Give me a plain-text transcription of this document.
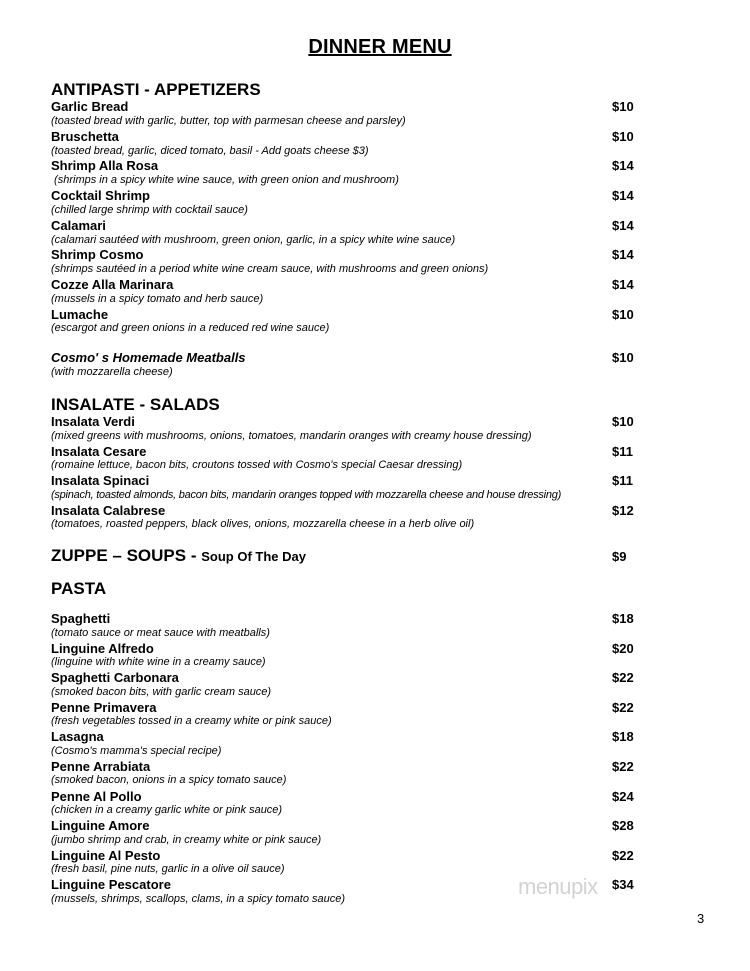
DINNER MENU
ANTIPASTI - APPETIZERS
Garlic Bread	$10
(toasted bread with garlic, butter, top with parmesan cheese and parsley)
Bruschetta	$10
(toasted bread, garlic, diced tomato, basil - Add goats cheese $3)
Shrimp Alla Rosa	$14
(shrimps in a spicy white wine sauce, with green onion and mushroom)
Cocktail Shrimp	$14
(chilled large shrimp with cocktail sauce)
Calamari	$14
(calamari sautéed with mushroom, green onion, garlic, in a spicy white wine sauce)
Shrimp Cosmo	$14
(shrimps sautéed in a period white wine cream sauce, with mushrooms and green onions)
Cozze Alla Marinara	$14
(mussels in a spicy tomato and herb sauce)
Lumache	$10
(escargot and green onions in a reduced red wine sauce)
Cosmo' s Homemade Meatballs	$10
(with mozzarella cheese)
INSALATE - SALADS
Insalata Verdi	$10
(mixed greens with mushrooms, onions, tomatoes, mandarin oranges with creamy house dressing)
Insalata Cesare	$11
(romaine lettuce, bacon bits, croutons tossed with Cosmo's special Caesar dressing)
Insalata Spinaci	$11
(spinach, toasted almonds, bacon bits, mandarin oranges topped with mozzarella cheese and house dressing)
Insalata Calabrese	$12
(tomatoes, roasted peppers, black olives, onions, mozzarella cheese in a herb olive oil)
ZUPPE – SOUPS - Soup Of The Day	$9
PASTA
Spaghetti	$18
(tomato sauce or meat sauce with meatballs)
Linguine Alfredo	$20
(linguine with white wine in a creamy sauce)
Spaghetti Carbonara	$22
(smoked bacon bits, with garlic cream sauce)
Penne Primavera	$22
(fresh vegetables tossed in a creamy white or pink sauce)
Lasagna	$18
(Cosmo's mamma's special recipe)
Penne Arrabiata	$22
(smoked bacon, onions in a spicy tomato sauce)
Penne Al Pollo	$24
(chicken in a creamy garlic white or pink sauce)
Linguine Amore	$28
(jumbo shrimp and crab, in creamy white or pink sauce)
Linguine Al Pesto	$22
(fresh basil, pine nuts, garlic in a olive oil sauce)
Linguine Pescatore	$34
(mussels, shrimps, scallops, clams, in a spicy tomato sauce)	menupix
3
